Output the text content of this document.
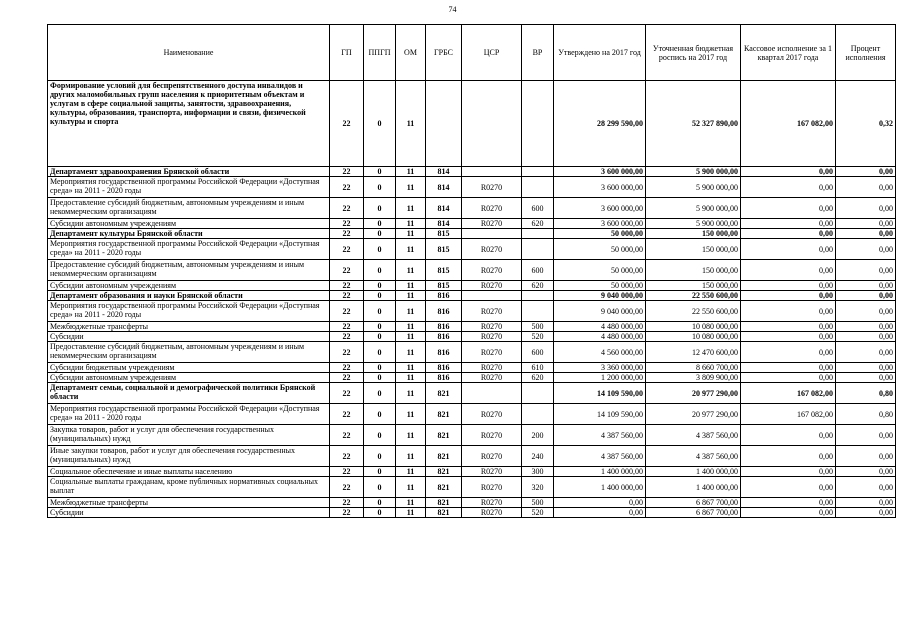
74
Наименование	ГП	ППГП	ОМ	ГРБС	ЦСР	ВР	Утверждено на 2017 год	Уточненная бюджетная роспись на 2017 год	Кассовое исполнение за 1 квартал 2017 года	Процент исполнения
Формирование условий для беспрепятственного доступа инвалидов и других маломобильных групп населения к приоритетным объектам и услугам в сфере социальной защиты, занятости, здравоохранения, культуры, образования, транспорта, информации и связи, физической культуры и спорта	22	0	11				28 299 590,00	52 327 890,00	167 082,00	0,32
Департамент здравоохранения Брянской области	22	0	11	814			3 600 000,00	5 900 000,00	0,00	0,00
Мероприятия государственной программы Российской Федерации «Доступная среда» на 2011 - 2020 годы	22	0	11	814	R0270		3 600 000,00	5 900 000,00	0,00	0,00
Предоставление субсидий бюджетным, автономным учреждениям и иным некоммерческим организациям	22	0	11	814	R0270	600	3 600 000,00	5 900 000,00	0,00	0,00
Субсидии автономным учреждениям	22	0	11	814	R0270	620	3 600 000,00	5 900 000,00	0,00	0,00
Департамент культуры Брянской области	22	0	11	815			50 000,00	150 000,00	0,00	0,00
Мероприятия государственной программы Российской Федерации «Доступная среда» на 2011 - 2020 годы	22	0	11	815	R0270		50 000,00	150 000,00	0,00	0,00
Предоставление субсидий бюджетным, автономным учреждениям и иным некоммерческим организациям	22	0	11	815	R0270	600	50 000,00	150 000,00	0,00	0,00
Субсидии автономным учреждениям	22	0	11	815	R0270	620	50 000,00	150 000,00	0,00	0,00
Департамент образования и науки Брянской области	22	0	11	816			9 040 000,00	22 550 600,00	0,00	0,00
Мероприятия государственной программы Российской Федерации «Доступная среда» на 2011 - 2020 годы	22	0	11	816	R0270		9 040 000,00	22 550 600,00	0,00	0,00
Межбюджетные трансферты	22	0	11	816	R0270	500	4 480 000,00	10 080 000,00	0,00	0,00
Субсидии	22	0	11	816	R0270	520	4 480 000,00	10 080 000,00	0,00	0,00
Предоставление субсидий бюджетным, автономным учреждениям и иным некоммерческим организациям	22	0	11	816	R0270	600	4 560 000,00	12 470 600,00	0,00	0,00
Субсидии бюджетным учреждениям	22	0	11	816	R0270	610	3 360 000,00	8 660 700,00	0,00	0,00
Субсидии автономным учреждениям	22	0	11	816	R0270	620	1 200 000,00	3 809 900,00	0,00	0,00
Департамент семьи, социальной и демографической политики Брянской области	22	0	11	821			14 109 590,00	20 977 290,00	167 082,00	0,80
Мероприятия государственной программы Российской Федерации «Доступная среда» на 2011 - 2020 годы	22	0	11	821	R0270		14 109 590,00	20 977 290,00	167 082,00	0,80
Закупка товаров, работ и услуг для обеспечения государственных (муниципальных) нужд	22	0	11	821	R0270	200	4 387 560,00	4 387 560,00	0,00	0,00
Иные закупки товаров, работ и услуг для обеспечения государственных (муниципальных) нужд	22	0	11	821	R0270	240	4 387 560,00	4 387 560,00	0,00	0,00
Социальное обеспечение и иные выплаты населению	22	0	11	821	R0270	300	1 400 000,00	1 400 000,00	0,00	0,00
Социальные выплаты гражданам, кроме публичных нормативных социальных выплат	22	0	11	821	R0270	320	1 400 000,00	1 400 000,00	0,00	0,00
Межбюджетные трансферты	22	0	11	821	R0270	500	0,00	6 867 700,00	0,00	0,00
Субсидии	22	0	11	821	R0270	520	0,00	6 867 700,00	0,00	0,00
